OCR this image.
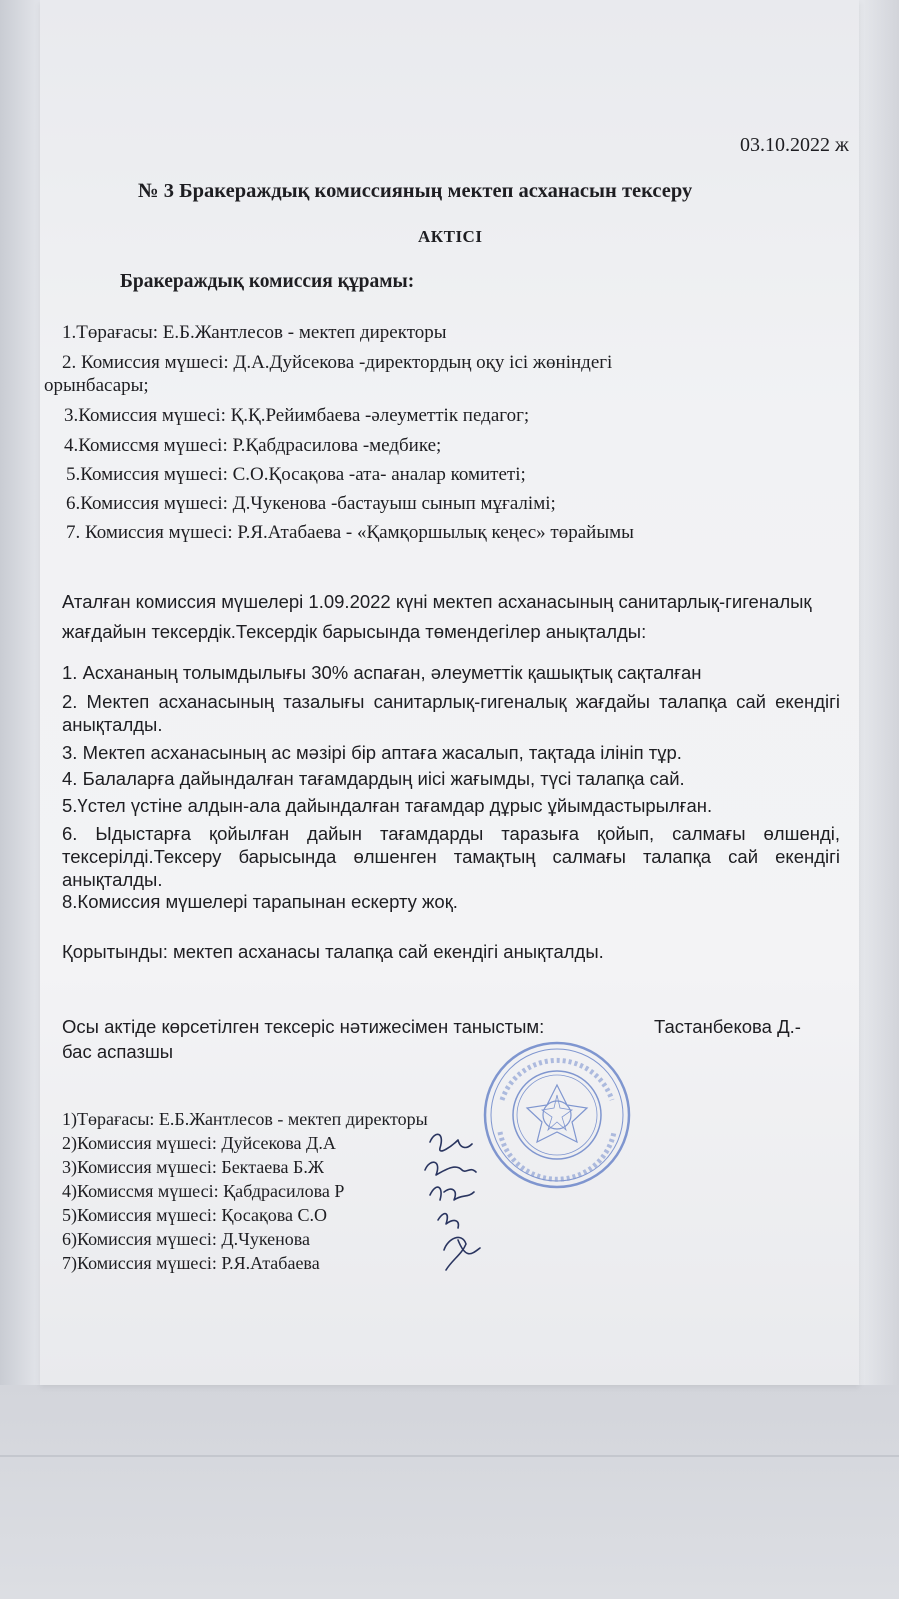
03.10.2022 ж
№ 3 Бракераждық комиссияның мектеп асханасын тексеру
АКТІСІ
Бракераждық комиссия құрамы:
1.Төрағасы: Е.Б.Жантлесов - мектеп директоры
2. Комиссия мүшесі: Д.А.Дуйсекова -директордың оқу ісі жөніндегі
орынбасары;
3.Комиссия мүшесі: Қ.Қ.Рейимбаева -әлеуметтік педагог;
4.Комиссмя мүшесі: Р.Қабдрасилова -медбике;
5.Комиссия мүшесі: С.О.Қосақова -ата- аналар комитеті;
6.Комиссия мүшесі: Д.Чукенова -бастауыш сынып мұғалімі;
7. Комиссия мүшесі: Р.Я.Атабаева - «Қамқоршылық кеңес» төрайымы
Аталған комиссия мүшелері 1.09.2022 күні мектеп асханасының санитарлық-гигеналық жағдайын тексердік.Тексердік барысында төмендегілер анықталды:
1. Асхананың толымдылығы 30% аспаған, әлеуметтік қашықтық сақталған
2. Мектеп асханасының тазалығы санитарлық-гигеналық жағдайы талапқа сай екендігі анықталды.
3. Мектеп асханасының ас мәзірі бір аптаға жасалып, тақтада ілініп тұр.
4. Балаларға дайындалған тағамдардың иісі жағымды, түсі талапқа сай.
5.Үстел үстіне алдын-ала дайындалған тағамдар дұрыс ұйымдастырылған.
6. Ыдыстарға қойылған дайын тағамдарды таразыға қойып, салмағы өлшенді, тексерілді.Тексеру барысында өлшенген тамақтың салмағы талапқа сай екендігі анықталды.
8.Комиссия мүшелері тарапынан ескерту жоқ.
Қорытынды: мектеп асханасы талапқа сай екендігі анықталды.
Осы актіде көрсетілген тексеріс нәтижесімен таныстым:	Тастанбекова Д.-
бас аспазшы
1)Төрағасы: Е.Б.Жантлесов - мектеп директоры
2)Комиссия мүшесі: Дуйсекова Д.А
3)Комиссия мүшесі: Бектаева Б.Ж
4)Комиссмя мүшесі: Қабдрасилова Р
5)Комиссия мүшесі: Қосақова С.О
6)Комиссия мүшесі: Д.Чукенова
7)Комиссия мүшесі: Р.Я.Атабаева
